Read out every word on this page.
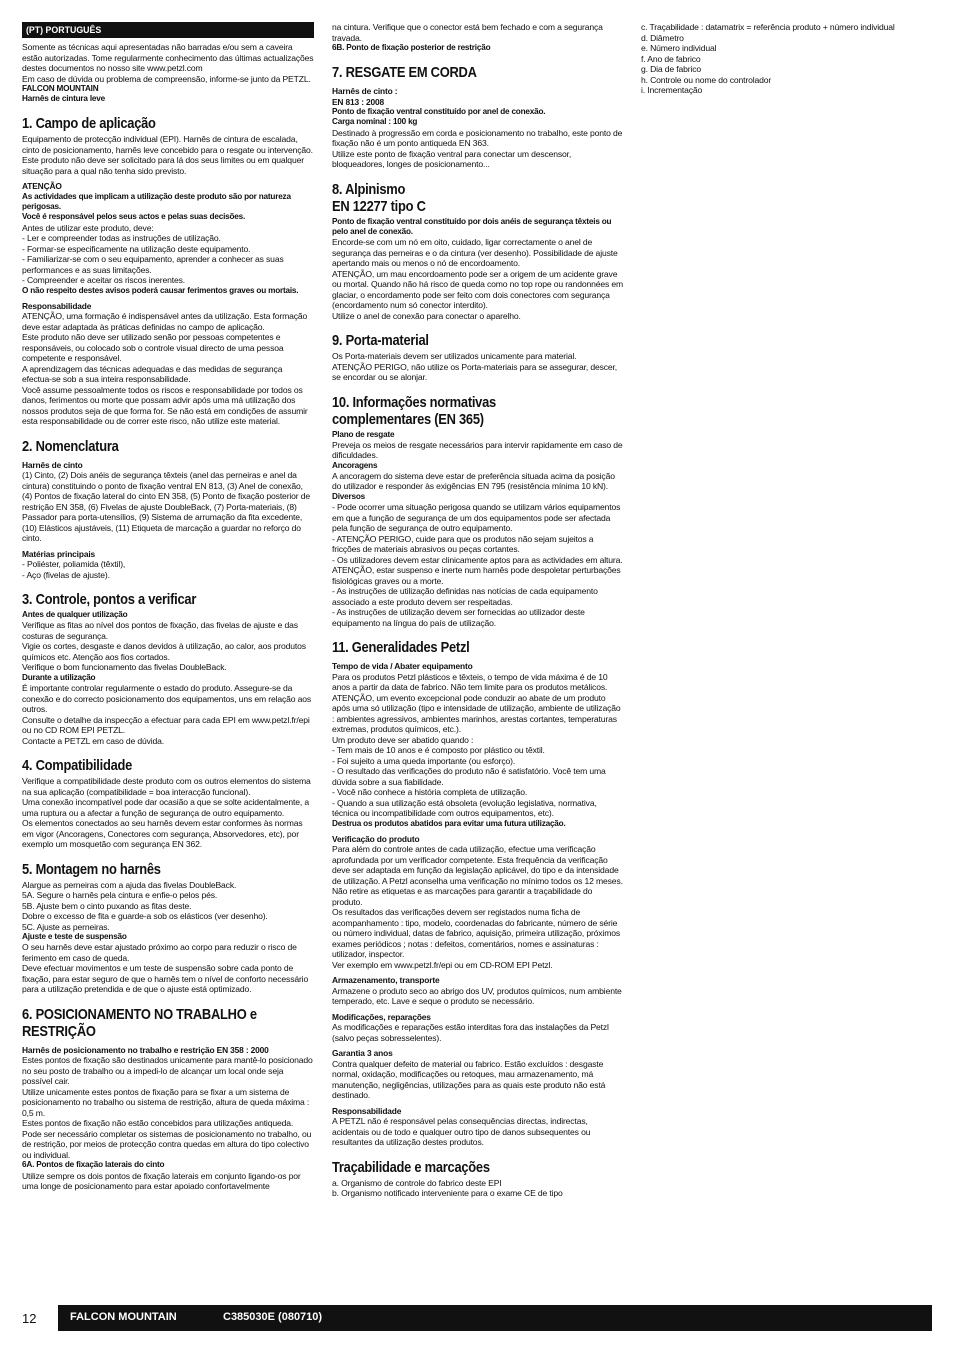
(PT) PORTUGUÊS
Somente as técnicas aqui apresentadas não barradas e/ou sem a caveira estão autorizadas. Tome regularmente conhecimento das últimas actualizações destes documentos no nosso site www.petzl.com
Em caso de dúvida ou problema de compreensão, informe-se junto da PETZL.
FALCON MOUNTAIN
Harnês de cintura leve
1. Campo de aplicação
Equipamento de protecção individual (EPI). Harnês de cintura de escalada, cinto de posicionamento, harnês leve concebido para o resgate ou intervenção.
Este produto não deve ser solicitado para lá dos seus limites ou em qualquer situação para a qual não tenha sido previsto.
ATENÇÃO
As actividades que implicam a utilização deste produto são por natureza perigosas.
Você é responsável pelos seus actos e pelas suas decisões.
Antes de utilizar este produto, deve:
- Ler e compreender todas as instruções de utilização.
- Formar-se especificamente na utilização deste equipamento.
- Familiarizar-se com o seu equipamento, aprender a conhecer as suas performances e as suas limitações.
- Compreender e aceitar os riscos inerentes.
O não respeito destes avisos poderá causar ferimentos graves ou mortais.
Responsabilidade
ATENÇÃO, uma formação é indispensável antes da utilização. Esta formação deve estar adaptada às práticas definidas no campo de aplicação.
Este produto não deve ser utilizado senão por pessoas competentes e responsáveis, ou colocado sob o controle visual directo de uma pessoa competente e responsável.
A aprendizagem das técnicas adequadas e das medidas de segurança efectua-se sob a sua inteira responsabilidade.
Você assume pessoalmente todos os riscos e responsabilidade por todos os danos, ferimentos ou morte que possam advir após uma má utilização dos nossos produtos seja de que forma for. Se não está em condições de assumir esta responsabilidade ou de correr este risco, não utilize este material.
2. Nomenclatura
Harnês de cinto
(1) Cinto, (2) Dois anéis de segurança têxteis (anel das perneiras e anel da cintura) constituindo o ponto de fixação ventral EN 813, (3) Anel de conexão, (4) Pontos de fixação lateral do cinto EN 358, (5) Ponto de fixação posterior de restrição EN 358, (6) Fivelas de ajuste DoubleBack, (7) Porta-materiais, (8) Passador para porta-utensílios, (9) Sistema de arrumação da fita excedente, (10) Elásticos ajustáveis, (11) Etiqueta de marcação a guardar no reforço do cinto.
Matérias principais
- Poliéster, poliamida (têxtil),
- Aço (fivelas de ajuste).
3. Controle, pontos a verificar
Antes de qualquer utilização
Verifique as fitas ao nível dos pontos de fixação, das fivelas de ajuste e das costuras de segurança.
Vigie os cortes, desgaste e danos devidos à utilização, ao calor, aos produtos químicos etc. Atenção aos fios cortados.
Verifique o bom funcionamento das fivelas DoubleBack.
Durante a utilização
É importante controlar regularmente o estado do produto. Assegure-se da conexão e do correcto posicionamento dos equipamentos, uns em relação aos outros.
Consulte o detalhe da inspecção a efectuar para cada EPI em www.petzl.fr/epi ou no CD ROM EPI PETZL.
Contacte a PETZL em caso de dúvida.
4. Compatibilidade
Verifique a compatibilidade deste produto com os outros elementos do sistema na sua aplicação (compatibilidade = boa interacção funcional).
Uma conexão incompatível pode dar ocasião a que se solte acidentalmente, a uma ruptura ou a afectar a função de segurança de outro equipamento.
Os elementos conectados ao seu harnês devem estar conformes às normas em vigor (Ancoragens, Conectores com segurança, Absorvedores, etc), por exemplo um mosquetão com segurança EN 362.
5. Montagem no harnês
Alargue as perneiras com a ajuda das fivelas DoubleBack.
5A. Segure o harnês pela cintura e enfie-o pelos pés.
5B. Ajuste bem o cinto puxando as fitas deste.
Dobre o excesso de fita e guarde-a sob os elásticos (ver desenho).
5C. Ajuste as perneiras.
Ajuste e teste de suspensão
O seu harnês deve estar ajustado próximo ao corpo para reduzir o risco de ferimento em caso de queda.
Deve efectuar movimentos e um teste de suspensão sobre cada ponto de fixação, para estar seguro de que o harnês tem o nível de conforto necessário para a utilização pretendida e de que o ajuste está optimizado.
6. POSICIONAMENTO NO TRABALHO e
RESTRIÇÃO
Harnês de posicionamento no trabalho e restrição EN 358 : 2000
Estes pontos de fixação são destinados unicamente para mantê-lo posicionado no seu posto de trabalho ou a impedi-lo de alcançar um local onde seja possível cair.
Utilize unicamente estes pontos de fixação para se fixar a um sistema de posicionamento no trabalho ou sistema de restrição, altura de queda máxima : 0,5 m.
Estes pontos de fixação não estão concebidos para utilizações antiqueda. Pode ser necessário completar os sistemas de posicionamento no trabalho, ou de restrição, por meios de protecção contra quedas em altura do tipo colectivo ou individual.
6A. Pontos de fixação laterais do cinto
Utilize sempre os dois pontos de fixação laterais em conjunto ligando-os por uma longe de posicionamento para estar apoiado confortavelmente
na cintura. Verifique que o conector está bem fechado e com a segurança travada.
6B. Ponto de fixação posterior de restrição
7. RESGATE EM CORDA
Harnês de cinto :
EN 813 : 2008
Ponto de fixação ventral constituído por anel de conexão.
Carga nominal : 100 kg
Destinado à progressão em corda e posicionamento no trabalho, este ponto de fixação não é um ponto antiqueda EN 363.
Utilize este ponto de fixação ventral para conectar um descensor, bloqueadores, longes de posicionamento...
8. Alpinismo
EN 12277 tipo C
Ponto de fixação ventral constituído por dois anéis de segurança têxteis ou pelo anel de conexão.
Encorde-se com um nó em oito, cuidado, ligar correctamente o anel de segurança das perneiras e o da cintura (ver desenho). Possibilidade de ajuste apertando mais ou menos o nó de encordoamento.
ATENÇÃO, um mau encordoamento pode ser a origem de um acidente grave ou mortal. Quando não há risco de queda como no top rope ou randonnées em glaciar, o encordamento pode ser feito com dois conectores com segurança (encordamento num só conector interdito).
Utilize o anel de conexão para conectar o aparelho.
9. Porta-material
Os Porta-materiais devem ser utilizados unicamente para material.
ATENÇÃO PERIGO, não utilize os Porta-materiais para se assegurar, descer, se encordar ou se alonjar.
10. Informações normativas
complementares (EN 365)
Plano de resgate
Preveja os meios de resgate necessários para intervir rapidamente em caso de dificuldades.
Ancoragens
A ancoragem do sistema deve estar de preferência situada acima da posição do utilizador e responder às exigências EN 795 (resistência mínima 10 kN).
Diversos
- Pode ocorrer uma situação perigosa quando se utilizam vários equipamentos em que a função de segurança de um dos equipamentos pode ser afectada pela função de segurança de outro equipamento.
- ATENÇÃO PERIGO, cuide para que os produtos não sejam sujeitos a fricções de materiais abrasivos ou peças cortantes.
- Os utilizadores devem estar clinicamente aptos para as actividades em altura. ATENÇÃO, estar suspenso e inerte num harnês pode despoletar perturbações fisiológicas graves ou a morte.
- As instruções de utilização definidas nas notícias de cada equipamento associado a este produto devem ser respeitadas.
- As instruções de utilização devem ser fornecidas ao utilizador deste equipamento na língua do país de utilização.
11. Generalidades Petzl
Tempo de vida / Abater equipamento
Para os produtos Petzl plásticos e têxteis, o tempo de vida máxima é de 10 anos a partir da data de fabrico. Não tem limite para os produtos metálicos.
ATENÇÃO, um evento excepcional pode conduzir ao abate de um produto após uma só utilização (tipo e intensidade de utilização, ambiente de utilização : ambientes agressivos, ambientes marinhos, arestas cortantes, temperaturas extremas, produtos químicos, etc.).
Um produto deve ser abatido quando :
- Tem mais de 10 anos e é composto por plástico ou têxtil.
- Foi sujeito a uma queda importante (ou esforço).
- O resultado das verificações do produto não é satisfatório. Você tem uma dúvida sobre a sua fiabilidade.
- Você não conhece a história completa de utilização.
- Quando a sua utilização está obsoleta (evolução legislativa, normativa, técnica ou incompatibilidade com outros equipamentos, etc).
Destrua os produtos abatidos para evitar uma futura utilização.
Verificação do produto
Para além do controle antes de cada utilização, efectue uma verificação aprofundada por um verificador competente. Esta frequência da verificação deve ser adaptada em função da legislação aplicável, do tipo e da intensidade de utilização. A Petzl aconselha uma verificação no mínimo todos os 12 meses.
Não retire as etiquetas e as marcações para garantir a traçabilidade do produto.
Os resultados das verificações devem ser registados numa ficha de acompanhamento : tipo, modelo, coordenadas do fabricante, número de série ou número individual, datas de fabrico, aquisição, primeira utilização, próximos exames periódicos ; notas : defeitos, comentários, nomes e assinaturas : utilizador, inspector.
Ver exemplo em www.petzl.fr/epi ou em CD-ROM EPI Petzl.
Armazenamento, transporte
Armazene o produto seco ao abrigo dos UV, produtos químicos, num ambiente temperado, etc. Lave e seque o produto se necessário.
Modificações, reparações
As modificações e reparações estão interditas fora das instalações da Petzl (salvo peças sobresselentes).
Garantia 3 anos
Contra qualquer defeito de material ou fabrico. Estão excluídos : desgaste normal, oxidação, modificações ou retoques, mau armazenamento, má manutenção, negligências, utilizações para as quais este produto não está destinado.
Responsabilidade
A PETZL não é responsável pelas consequências directas, indirectas, acidentais ou de todo e qualquer outro tipo de danos subsequentes ou resultantes da utilização destes produtos.
Traçabilidade e marcações
a. Organismo de controle do fabrico deste EPI
b. Organismo notificado interveniente para o exame CE de tipo
c. Traçabilidade : datamatrix = referência produto + número individual
d. Diâmetro
e. Número individual
f. Ano de fabrico
g. Dia de fabrico
h. Controle ou nome do controlador
i. Incrementação
12	FALCON MOUNTAIN	C385030E (080710)
